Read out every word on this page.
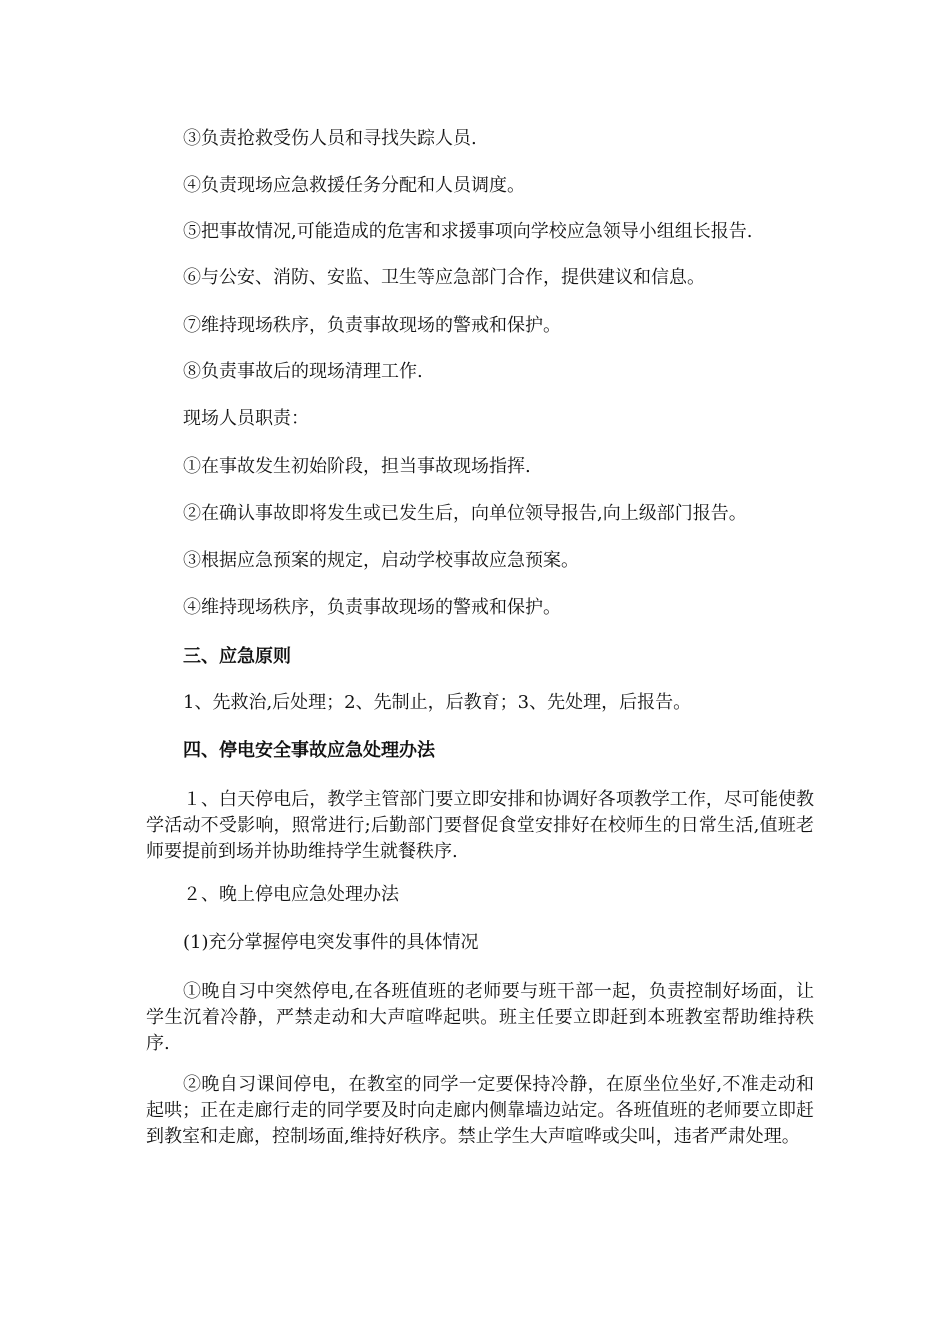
③负责抢救受伤人员和寻找失踪人员.
④负责现场应急救援任务分配和人员调度。
⑤把事故情况,可能造成的危害和求援事项向学校应急领导小组组长报告.
⑥与公安、消防、安监、卫生等应急部门合作，提供建议和信息。
⑦维持现场秩序，负责事故现场的警戒和保护。
⑧负责事故后的现场清理工作.
现场人员职责：
①在事故发生初始阶段，担当事故现场指挥.
②在确认事故即将发生或已发生后，向单位领导报告,向上级部门报告。
③根据应急预案的规定，启动学校事故应急预案。
④维持现场秩序，负责事故现场的警戒和保护。
三、应急原则
1、先救治,后处理；2、先制止，后教育；3、先处理，后报告。
四、停电安全事故应急处理办法
１、白天停电后，教学主管部门要立即安排和协调好各项教学工作，尽可能使教学活动不受影响，照常进行;后勤部门要督促食堂安排好在校师生的日常生活,值班老师要提前到场并协助维持学生就餐秩序.
２、晚上停电应急处理办法
(1)充分掌握停电突发事件的具体情况
①晚自习中突然停电,在各班值班的老师要与班干部一起，负责控制好场面，让学生沉着冷静，严禁走动和大声喧哗起哄。班主任要立即赶到本班教室帮助维持秩序.
②晚自习课间停电，在教室的同学一定要保持冷静，在原坐位坐好,不准走动和起哄；正在走廊行走的同学要及时向走廊内侧靠墙边站定。各班值班的老师要立即赶到教室和走廊，控制场面,维持好秩序。禁止学生大声喧哗或尖叫，违者严肃处理。
